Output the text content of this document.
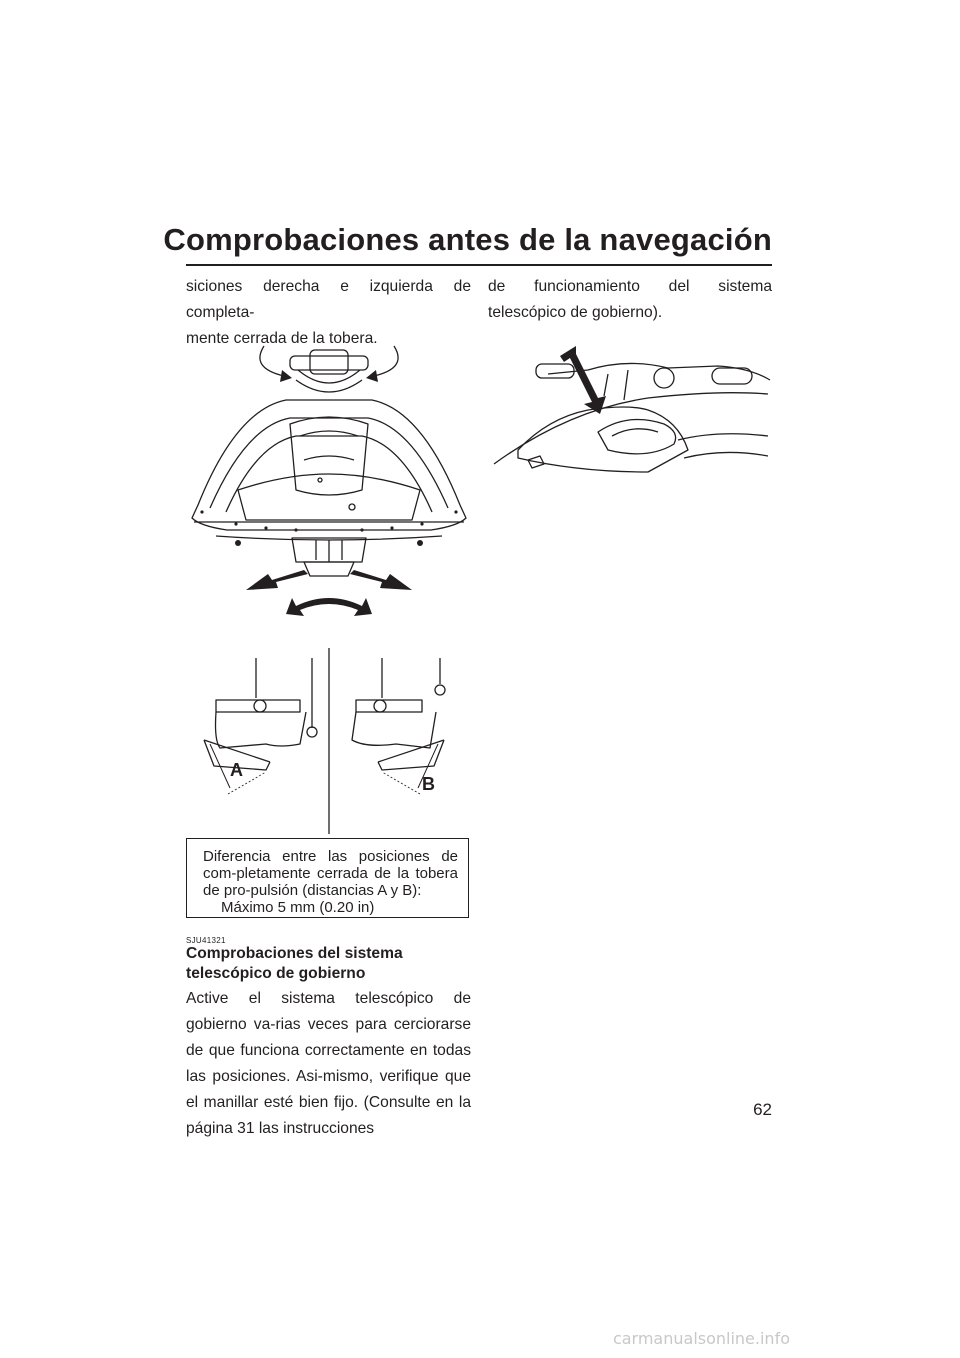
Comprobaciones antes de la navegación

siciones derecha e izquierda de completa-
mente cerrada de la tobera.

de funcionamiento del sistema telescópico de gobierno).

A
B

Diferencia entre las posiciones de com-pletamente cerrada de la tobera de pro-pulsión (distancias A y B):

Máximo 5 mm (0.20 in)

SJU41321
Comprobaciones del sistema telescópico de gobierno

Active el sistema telescópico de gobierno va-rias veces para cerciorarse de que funciona correctamente en todas las posiciones. Asi-mismo, verifique que el manillar esté bien fijo. (Consulte en la página 31 las instrucciones

62
carmanualsonline.info
